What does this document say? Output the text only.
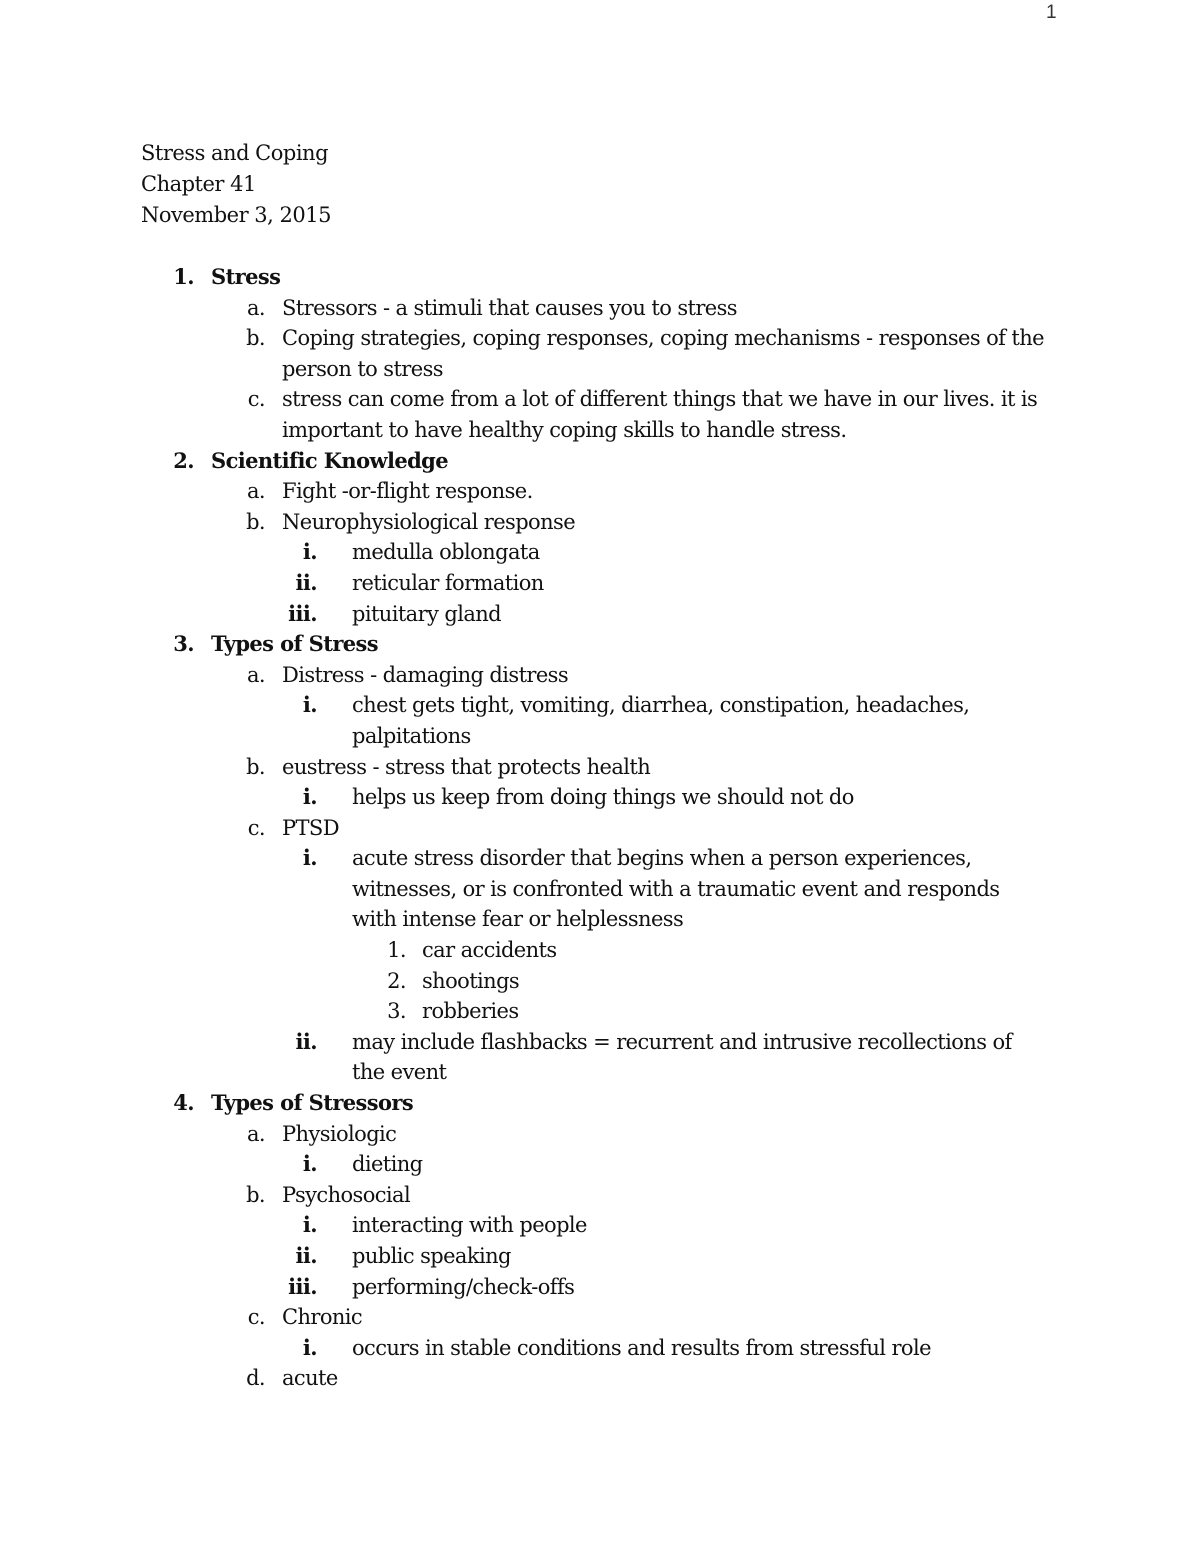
1
Stress and Coping
Chapter 41
November 3, 2015
1. Stress
a. Stressors - a stimuli that causes you to stress
b. Coping strategies, coping responses, coping mechanisms - responses of the person to stress
c. stress can come from a lot of different things that we have in our lives. it is important to have healthy coping skills to handle stress.
2. Scientific Knowledge
a. Fight -or-flight response.
b. Neurophysiological response
i. medulla oblongata
ii. reticular formation
iii. pituitary gland
3. Types of Stress
a. Distress - damaging distress
i. chest gets tight, vomiting, diarrhea, constipation, headaches, palpitations
b. eustress - stress that protects health
i. helps us keep from doing things we should not do
c. PTSD
i. acute stress disorder that begins when a person experiences, witnesses, or is confronted with a traumatic event and responds with intense fear or helplessness
1. car accidents
2. shootings
3. robberies
ii. may include flashbacks = recurrent and intrusive recollections of the event
4. Types of Stressors
a. Physiologic
i. dieting
b. Psychosocial
i. interacting with people
ii. public speaking
iii. performing/check-offs
c. Chronic
i. occurs in stable conditions and results from stressful role
d. acute
